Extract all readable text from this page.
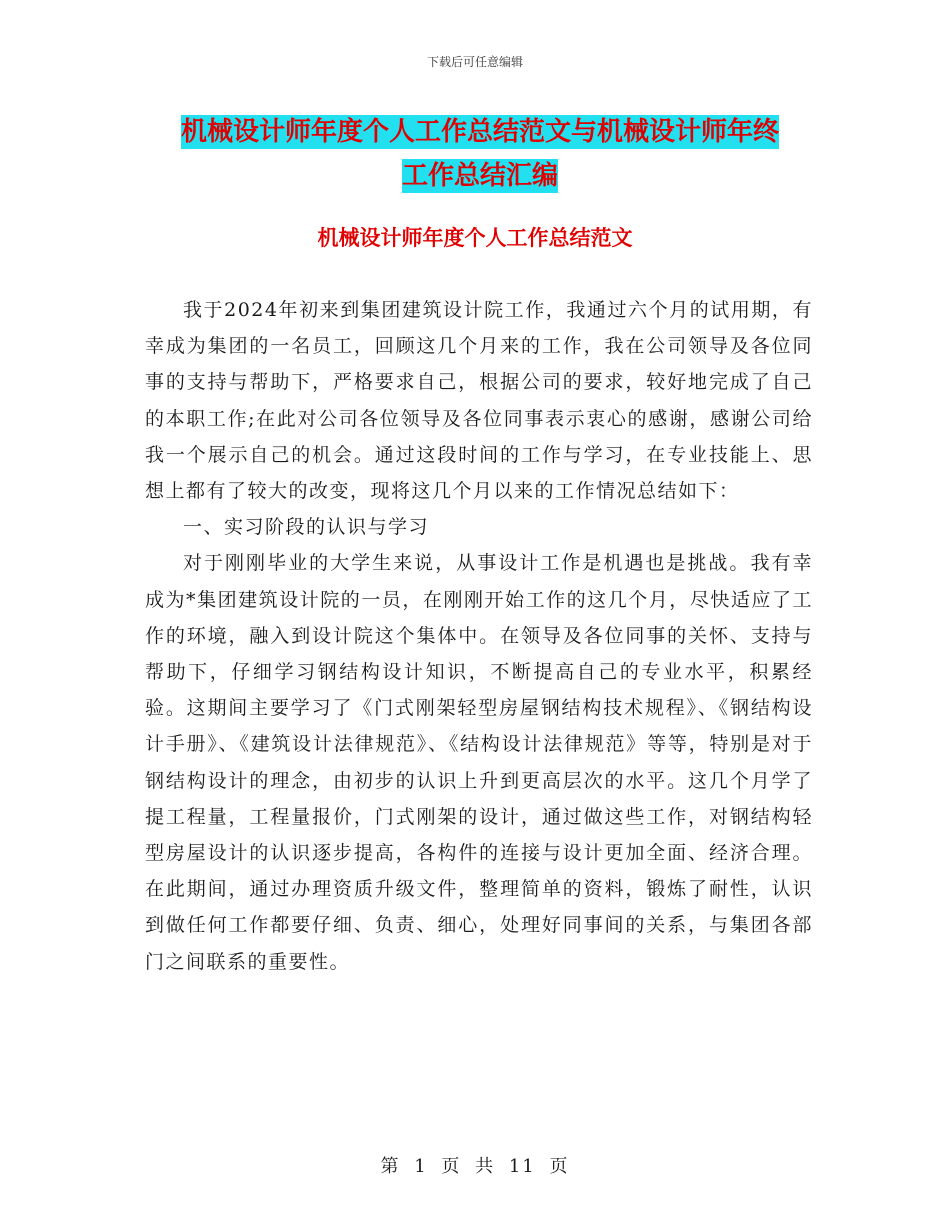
下载后可任意编辑
机械设计师年度个人工作总结范文与机械设计师年终
工作总结汇编
机械设计师年度个人工作总结范文

我于2024年初来到集团建筑设计院工作，我通过六个月的试用期，有幸成为集团的一名员工，回顾这几个月来的工作，我在公司领导及各位同事的支持与帮助下，严格要求自己，根据公司的要求，较好地完成了自己的本职工作;在此对公司各位领导及各位同事表示衷心的感谢，感谢公司给我一个展示自己的机会。通过这段时间的工作与学习，在专业技能上、思想上都有了较大的改变，现将这几个月以来的工作情况总结如下：

一、实习阶段的认识与学习

对于刚刚毕业的大学生来说，从事设计工作是机遇也是挑战。我有幸成为*集团建筑设计院的一员，在刚刚开始工作的这几个月，尽快适应了工作的环境，融入到设计院这个集体中。在领导及各位同事的关怀、支持与帮助下，仔细学习钢结构设计知识，不断提高自己的专业水平，积累经验。这期间主要学习了《门式刚架轻型房屋钢结构技术规程》、《钢结构设计手册》、《建筑设计法律规范》、《结构设计法律规范》等等，特别是对于钢结构设计的理念，由初步的认识上升到更高层次的水平。这几个月学了提工程量，工程量报价，门式刚架的设计，通过做这些工作，对钢结构轻型房屋设计的认识逐步提高，各构件的连接与设计更加全面、经济合理。在此期间，通过办理资质升级文件，整理简单的资料，锻炼了耐性，认识到做任何工作都要仔细、负责、细心，处理好同事间的关系，与集团各部门之间联系的重要性。

第 1 页 共 11 页
